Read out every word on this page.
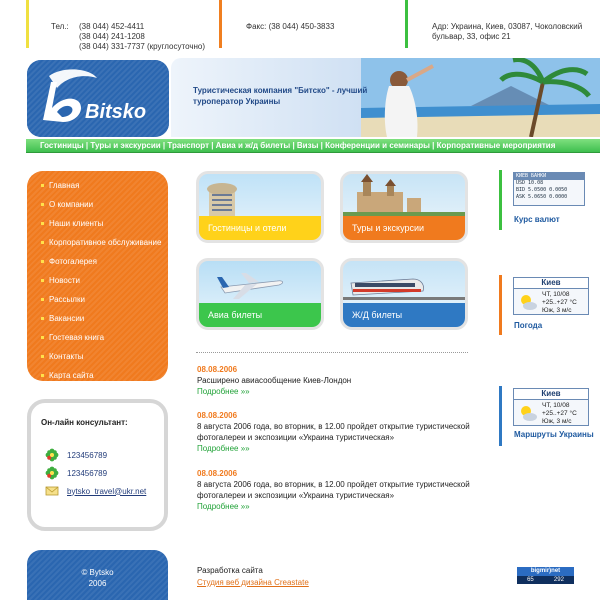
Тел.: (38 044) 452-4411
(38 044) 241-1208
(38 044) 331-7737 (круглосуточно)
Факс: (38 044) 450-3833	Адр: Украина, Киев, 03087, Чоколовский
бульвар, 33, офис 21
Bitsko
Туристическая компания "Битско" - лучший
туроператор Украины
Гостиницы | Туры и экскурсии | Транспорт | Авиа и ж/д билеты | Визы | Конференции и семинары | Корпоративные мероприятия
Главная
О компании
Наши клиенты
Корпоративное обслуживание
Фотогалерея
Новости
Рассылки
Вакансии
Гостевая книга
Контакты
Карта сайта
Он-лайн консультант:
123456789
123456789
bytsko_travel@ukr.net
Гостиницы и отели	Туры и экскурсии
Авиа билеты	Ж/Д билеты
08.08.2006
Расширено авиасообщение Киев-Лондон
Подробнее »»
08.08.2006
8 августа 2006 года, во вторник, в 12.00 пройдет открытие туристической
фотогалереи и экспозиции «Украина туристическая»
Подробнее »»
08.08.2006
8 августа 2006 года, во вторник, в 12.00 пройдет открытие туристической
фотогалереи и экспозиции «Украина туристическая»
Подробнее »»
КИЕВ БАНКИ
USD 10.08
BID 5.0500 0.0050
ASK 5.0650 0.0000
Курс валют
Киев
ЧТ, 10/08
+25..+27 °C
Юж, 3 м/с
Погода
Киев
ЧТ, 10/08
+25..+27 °C
Юж, 3 м/с
Маршруты Украины
© Bytsko
2006
Разработка сайта
Студия веб дизайна Creastate
bigmir)net
65	292
